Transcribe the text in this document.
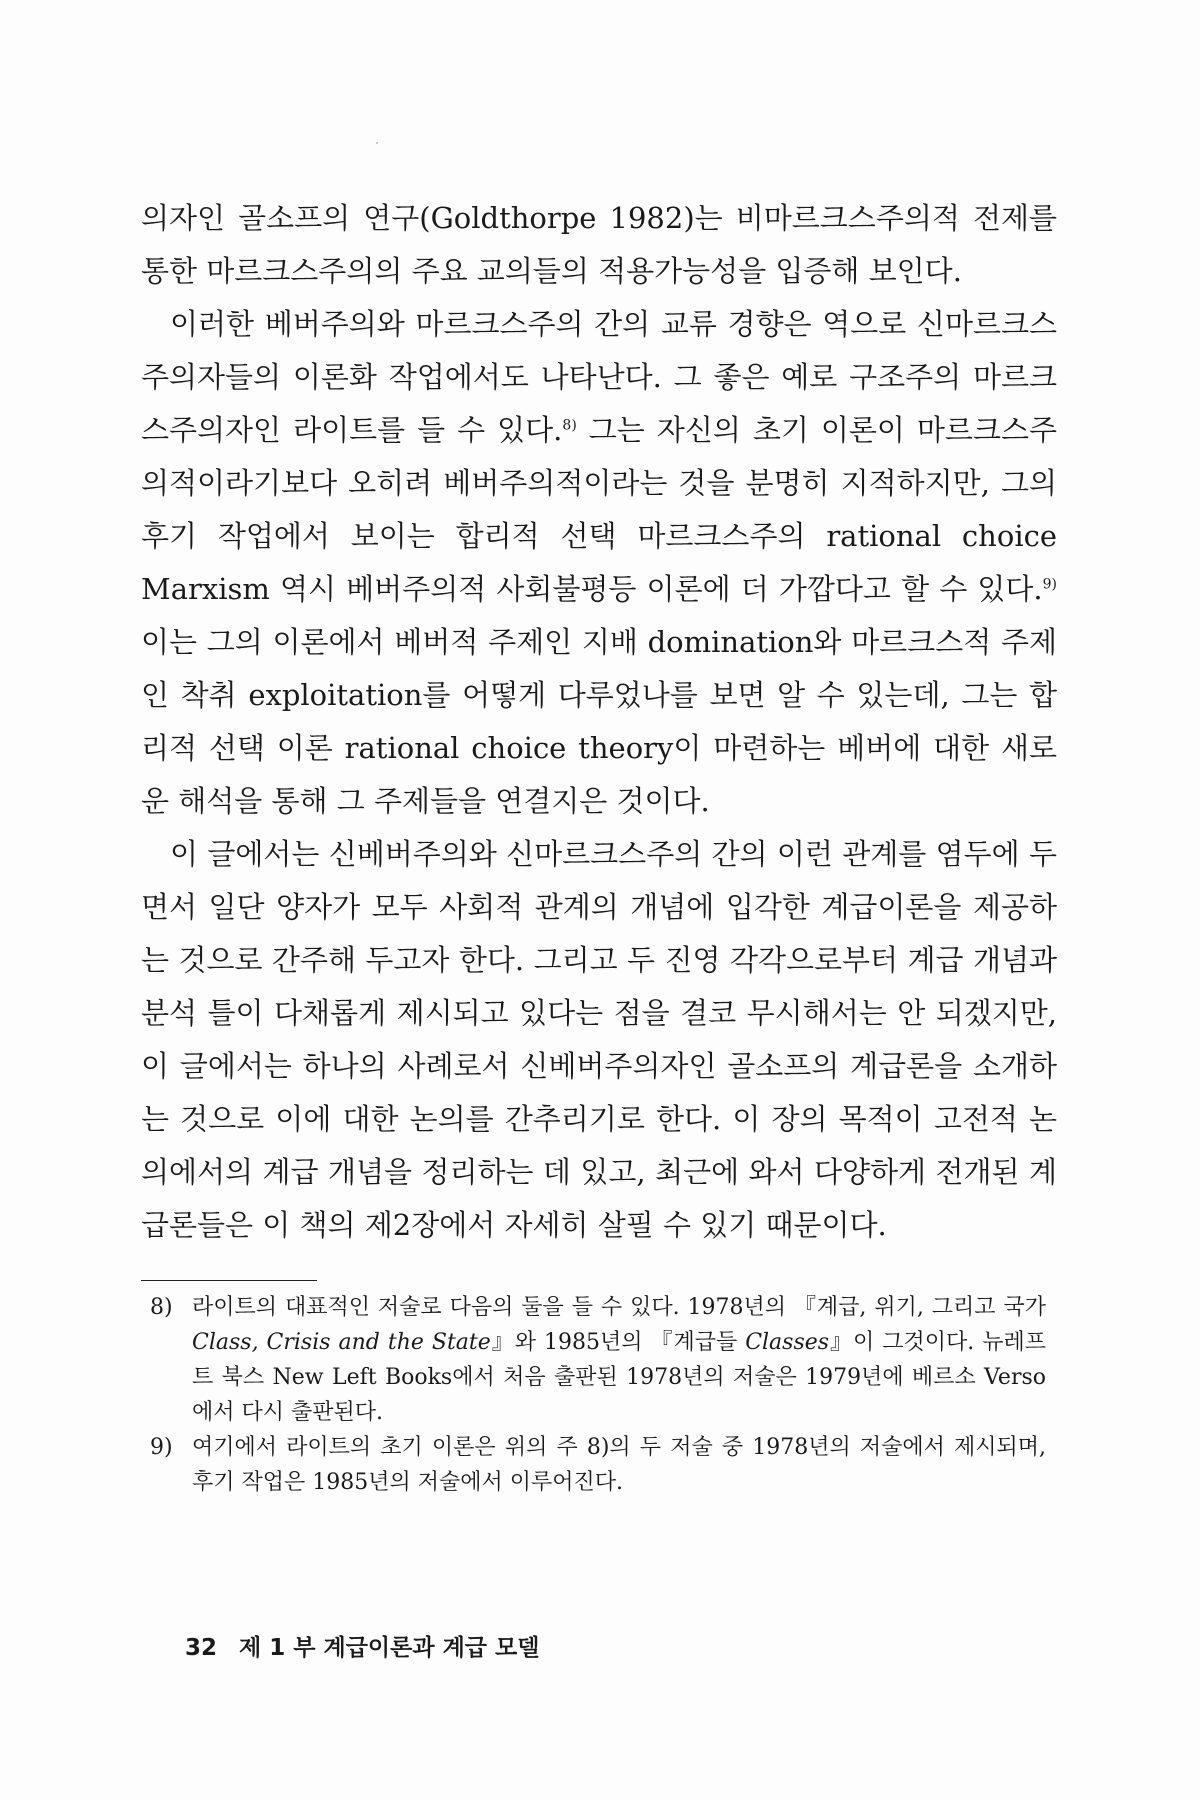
의자인 골소프의 연구(Goldthorpe 1982)는 비마르크스주의적 전제를 통한 마르크스주의의 주요 교의들의 적용가능성을 입증해 보인다.

이러한 베버주의와 마르크스주의 간의 교류 경향은 역으로 신마르크스주의자들의 이론화 작업에서도 나타난다. 그 좋은 예로 구조주의 마르크스주의자인 라이트를 들 수 있다.$^{8)}$ 그는 자신의 초기 이론이 마르크스주의적이라기보다 오히려 베버주의적이라는 것을 분명히 지적하지만, 그의 후기 작업에서 보이는 합리적 선택 마르크스주의 rational choice Marxism 역시 베버주의적 사회불평등 이론에 더 가깝다고 할 수 있다.$^{9)}$ 이는 그의 이론에서 베버적 주제인 지배 domination와 마르크스적 주제인 착취 exploitation를 어떻게 다루었나를 보면 알 수 있는데, 그는 합리적 선택 이론 rational choice theory이 마련하는 베버에 대한 새로운 해석을 통해 그 주제들을 연결지은 것이다.

이 글에서는 신베버주의와 신마르크스주의 간의 이런 관계를 염두에 두면서 일단 양자가 모두 사회적 관계의 개념에 입각한 계급이론을 제공하는 것으로 간주해 두고자 한다. 그리고 두 진영 각각으로부터 계급 개념과 분석 틀이 다채롭게 제시되고 있다는 점을 결코 무시해서는 안 되겠지만, 이 글에서는 하나의 사례로서 신베버주의자인 골소프의 계급론을 소개하는 것으로 이에 대한 논의를 간추리기로 한다. 이 장의 목적이 고전적 논의에서의 계급 개념을 정리하는 데 있고, 최근에 와서 다양하게 전개된 계급론들은 이 책의 제2장에서 자세히 살필 수 있기 때문이다.

8) 라이트의 대표적인 저술로 다음의 둘을 들 수 있다. 1978년의 『계급, 위기, 그리고 국가 Class, Crisis and the State』와 1985년의 『계급들 Classes』이 그것이다. 뉴레프트 북스 New Left Books에서 처음 출판된 1978년의 저술은 1979년에 베르소 Verso에서 다시 출판된다.
9) 여기에서 라이트의 초기 이론은 위의 주 8)의 두 저술 중 1978년의 저술에서 제시되며, 후기 작업은 1985년의 저술에서 이루어진다.
32 제 1 부 계급이론과 계급 모델
